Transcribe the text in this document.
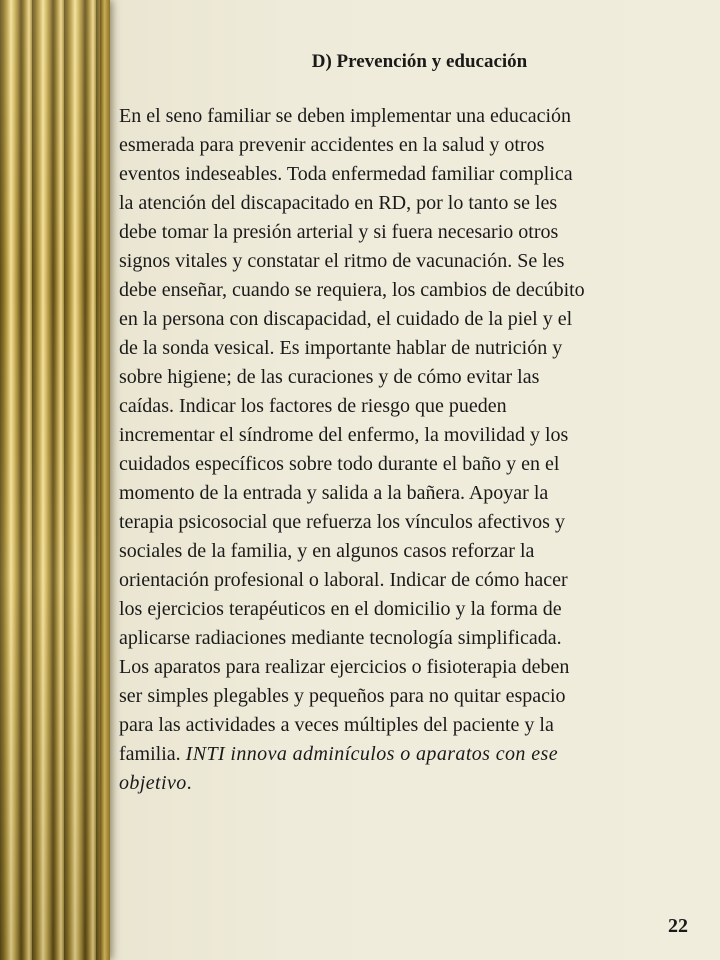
D) Prevención y educación

En el seno familiar se deben implementar una educación
esmerada para prevenir accidentes en la salud y otros
eventos indeseables. Toda enfermedad familiar complica
la atención del discapacitado en RD, por lo tanto se les
debe tomar la presión arterial y si fuera necesario otros
signos vitales y constatar el ritmo de vacunación. Se les
debe enseñar, cuando se requiera, los cambios de decúbito
en la persona con discapacidad, el cuidado de la piel y el
de la sonda vesical. Es importante hablar de nutrición y
sobre higiene; de las curaciones y de cómo evitar las
caídas. Indicar los factores de riesgo que pueden
incrementar el síndrome del enfermo, la movilidad y los
cuidados específicos sobre todo durante el baño y en el
momento de la entrada y salida a la bañera. Apoyar la
terapia psicosocial que refuerza los vínculos afectivos y
sociales de la familia, y en algunos casos reforzar la
orientación profesional o laboral. Indicar de cómo hacer
los ejercicios terapéuticos en el domicilio y la forma de
aplicarse radiaciones mediante tecnología simplificada.
Los aparatos para realizar ejercicios o fisioterapia deben
ser simples plegables y pequeños para no quitar espacio
para las actividades a veces múltiples del paciente y la
familia. INTI innova adminículos o aparatos con ese
objetivo.

22
